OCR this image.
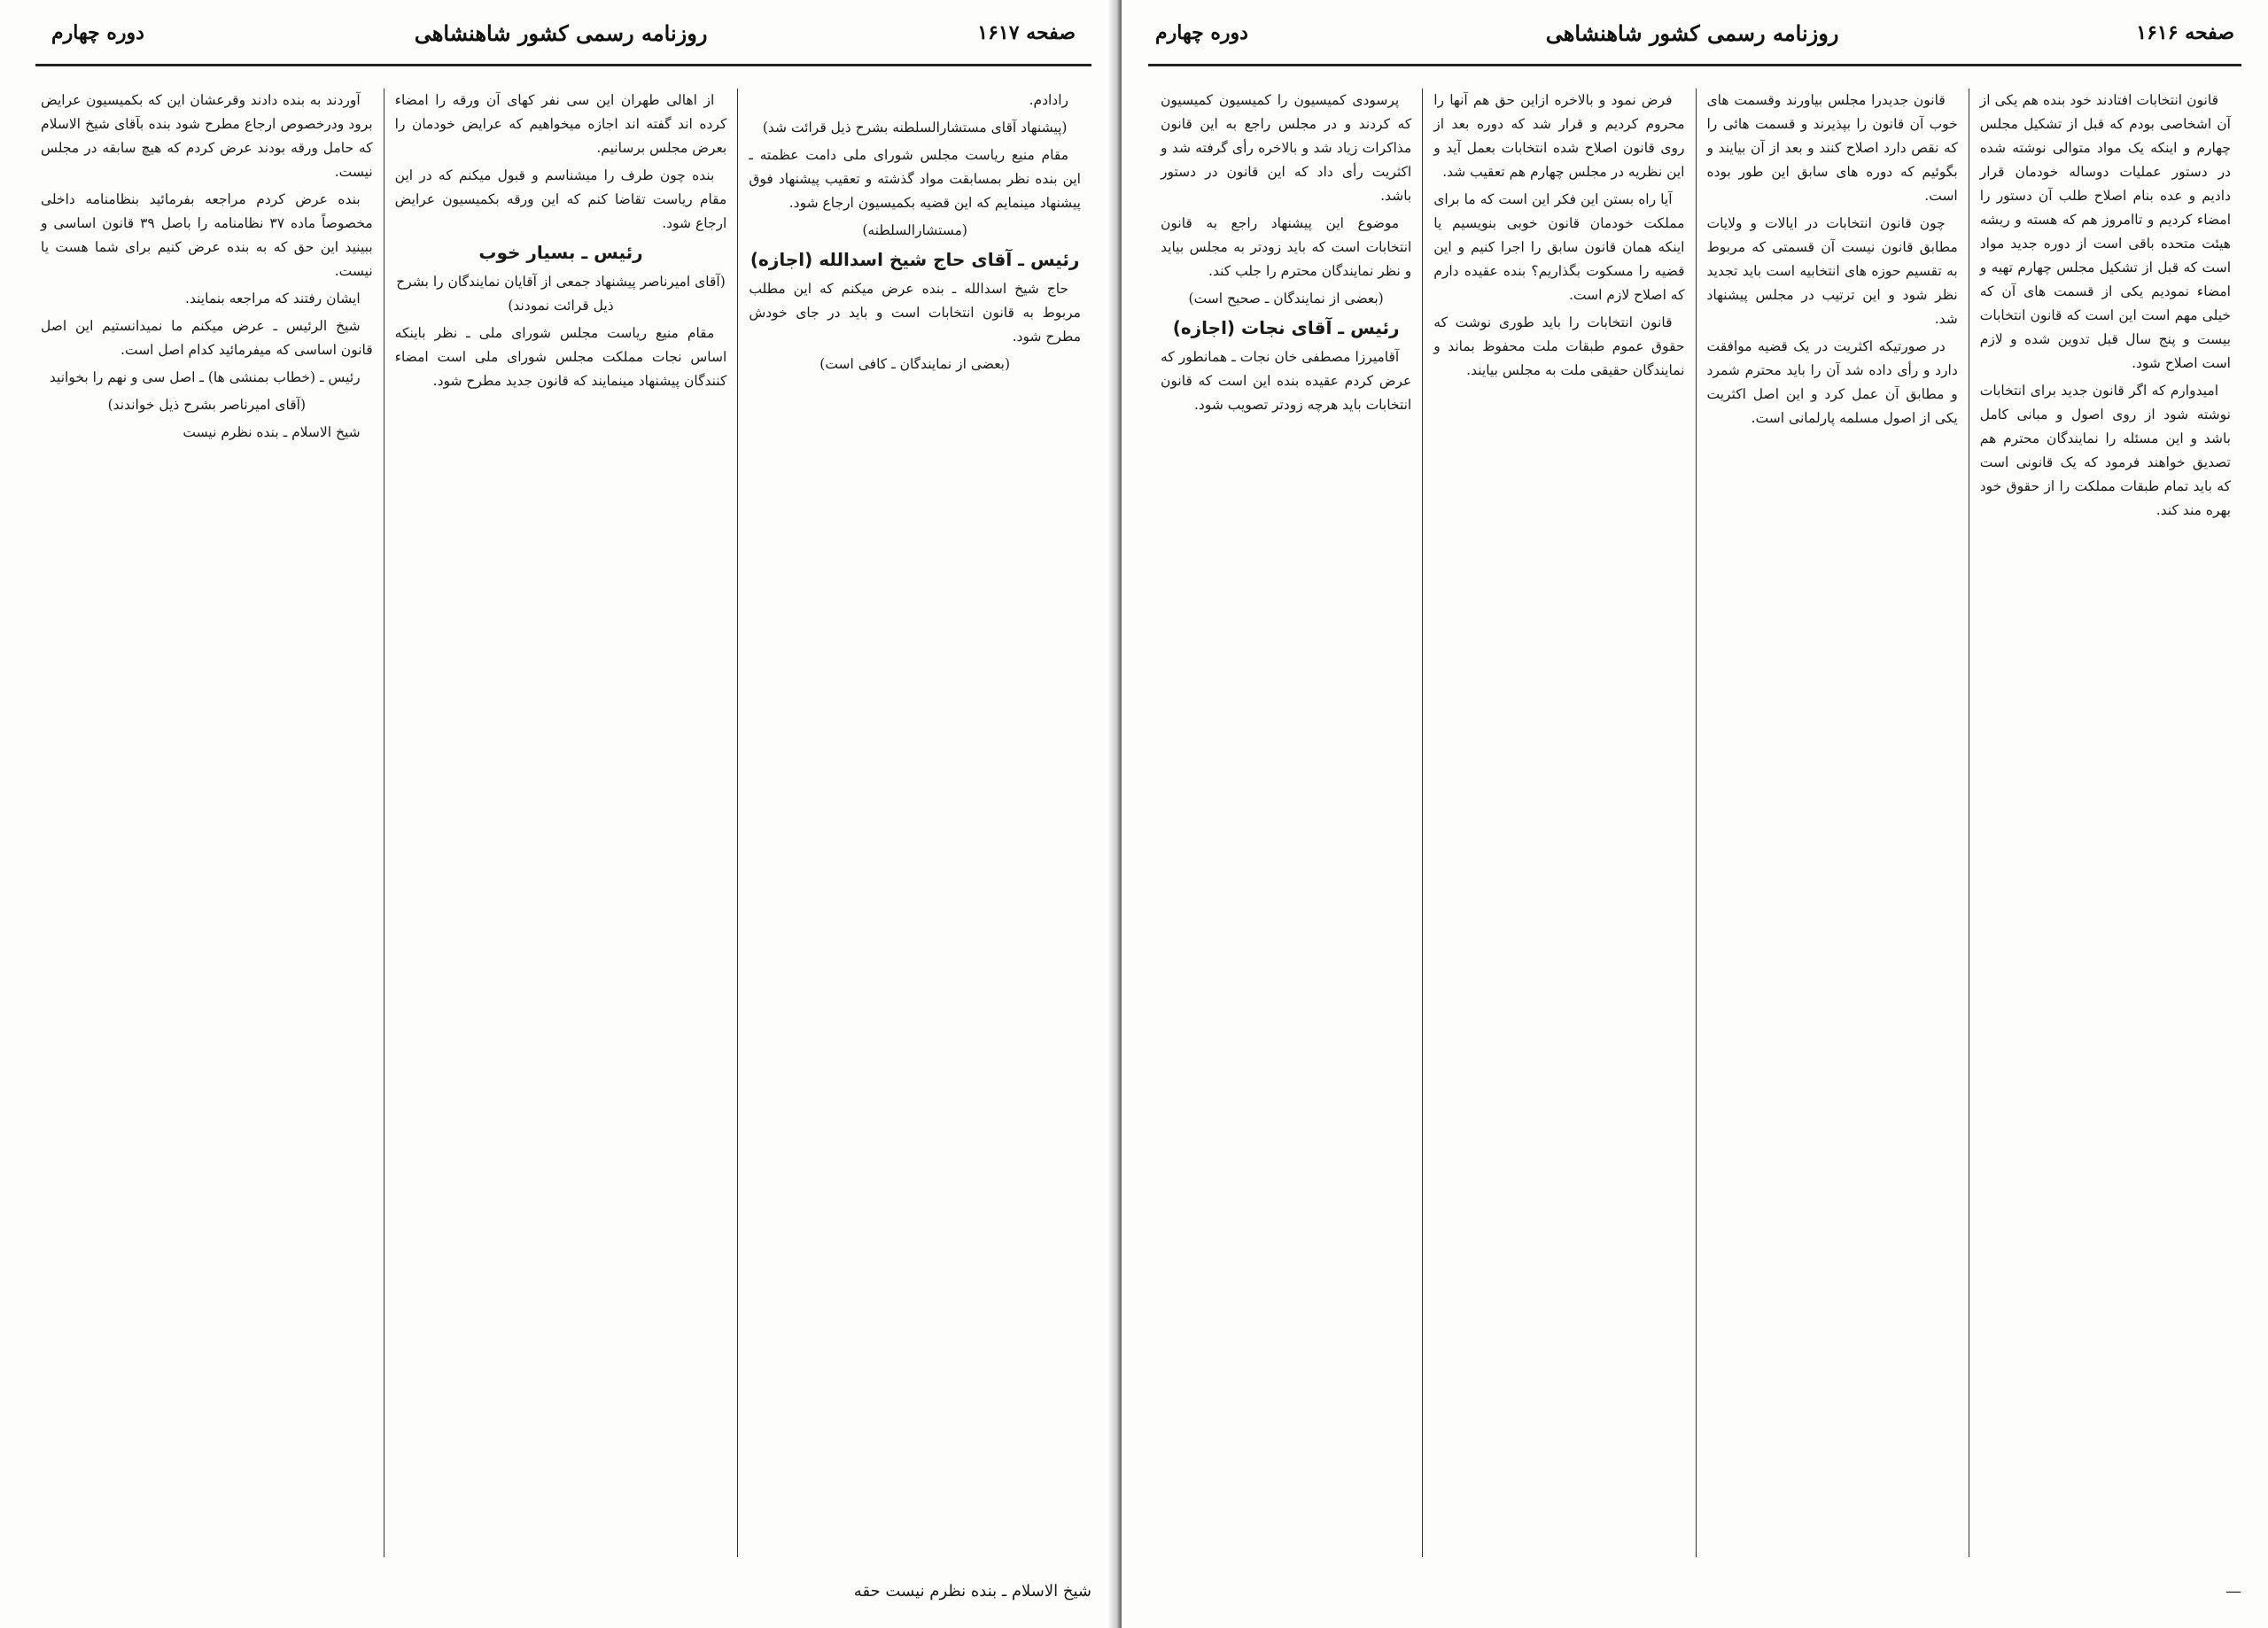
دوره چهارم	روزنامه رسمی کشور شاهنشاهی	صفحه ۱۶۱۷

رادادم.

(پیشنهاد آقای مستشارالسلطنه بشرح ذیل قرائت شد)

مقام منیع ریاست مجلس شورای ملی دامت عظمته ـ این بنده نظر بمسابقت مواد گذشته و تعقیب پیشنهاد فوق پیشنهاد مینمایم که این قضیه بکمیسیون ارجاع شود.

(مستشارالسلطنه)

رئیس ـ آقای حاج شیخ اسدالله (اجازه)

حاج شیخ اسدالله ـ بنده عرض میکنم که این مطلب مربوط به قانون انتخابات است و باید در جای خودش مطرح شود.

(بعضی از نمایندگان ـ کافی است)

از اهالی طهران این سی نفر کهای آن ورقه را امضاء کرده اند گفته اند اجازه میخواهیم که عرایض خودمان را بعرض مجلس برسانیم.

بنده چون طرف را میشناسم و قبول میکنم که در این مقام ریاست تقاضا کنم که این ورقه بکمیسیون عرایض ارجاع شود.

رئیس ـ بسیار خوب

(آقای امیرناصر پیشنهاد جمعی از آقایان نمایندگان را بشرح ذیل قرائت نمودند)

مقام منیع ریاست مجلس شورای ملی ـ نظر باینکه اساس نجات مملکت مجلس شورای ملی است امضاء کنندگان پیشنهاد مینمایند که قانون جدید مطرح شود.

آوردند به بنده دادند وقرعشان این که بکمیسیون عرایض برود ودرخصوص ارجاع مطرح شود بنده بآقای شیخ الاسلام که حامل ورقه بودند عرض کردم که هیچ سابقه در مجلس نیست.

بنده عرض کردم مراجعه بفرمائید بنظامنامه داخلی مخصوصاً ماده ۳۷ نظامنامه را باصل ۳۹ قانون اساسی و ببینید این حق که به بنده عرض کنیم برای شما هست یا نیست.

ایشان رفتند که مراجعه بنمایند.

شیخ الرئیس ـ عرض میکنم ما نمیدانستیم این اصل قانون اساسی که میفرمائید کدام اصل است.

رئیس ـ (خطاب بمنشی ها) ـ اصل سی و نهم را بخوانید

(آقای امیرناصر بشرح ذیل خواندند)

شیخ الاسلام ـ بنده نظرم نیست

شیخ الاسلام ـ بنده نظرم نیست حقه
دوره چهارم	روزنامه رسمی کشور شاهنشاهی	صفحه ۱۶۱۶

قانون انتخابات افتادند خود بنده هم یکی از آن اشخاصی بودم که قبل از تشکیل مجلس چهارم و اینکه یک مواد متوالی نوشته شده در دستور عملیات دوساله خودمان قرار دادیم و عده بنام اصلاح طلب آن دستور را امضاء کردیم و تاامروز هم که هسته و ریشه هیئت متحده باقی است از دوره جدید مواد است که قبل از تشکیل مجلس چهارم تهیه و امضاء نمودیم یکی از قسمت های آن که خیلی مهم است این است که قانون انتخابات بیست و پنج سال قبل تدوین شده و لازم است اصلاح شود.

امیدوارم که اگر قانون جدید برای انتخابات نوشته شود از روی اصول و مبانی کامل باشد و این مسئله را نمایندگان محترم هم تصدیق خواهند فرمود که یک قانونی است که باید تمام طبقات مملکت را از حقوق خود بهره مند کند.

قانون جدیدرا مجلس بیاورند وقسمت های خوب آن قانون را بپذیرند و قسمت هائی را که نقص دارد اصلاح کنند و بعد از آن بیایند و بگوئیم که دوره های سابق این طور بوده است.

چون قانون انتخابات در ایالات و ولایات مطابق قانون نیست آن قسمتی که مربوط به تقسیم حوزه های انتخابیه است باید تجدید نظر شود و این ترتیب در مجلس پیشنهاد شد.

در صورتیکه اکثریت در یک قضیه موافقت دارد و رأی داده شد آن را باید محترم شمرد و مطابق آن عمل کرد و این اصل اکثریت یکی از اصول مسلمه پارلمانی است.

فرض نمود و بالاخره ازاین حق هم آنها را محروم کردیم و قرار شد که دوره بعد از روی قانون اصلاح شده انتخابات بعمل آید و این نظریه در مجلس چهارم هم تعقیب شد.

آیا راه بستن این فکر این است که ما برای مملکت خودمان قانون خوبی بنویسیم یا اینکه همان قانون سابق را اجرا کنیم و این قضیه را مسکوت بگذاریم؟ بنده عقیده دارم که اصلاح لازم است.

قانون انتخابات را باید طوری نوشت که حقوق عموم طبقات ملت محفوظ بماند و نمایندگان حقیقی ملت به مجلس بیایند.

پرسودی کمیسیون را کمیسیون کمیسیون که کردند و در مجلس راجع به این قانون مذاکرات زیاد شد و بالاخره رأی گرفته شد و اکثریت رأی داد که این قانون در دستور باشد.

موضوع این پیشنهاد راجع به قانون انتخابات است که باید زودتر به مجلس بیاید و نظر نمایندگان محترم را جلب کند.

(بعضی از نمایندگان ـ صحیح است)

رئیس ـ آقای نجات (اجازه)

آقامیرزا مصطفی خان نجات ـ همانطور که عرض کردم عقیده بنده این است که قانون انتخابات باید هرچه زودتر تصویب شود.

—
